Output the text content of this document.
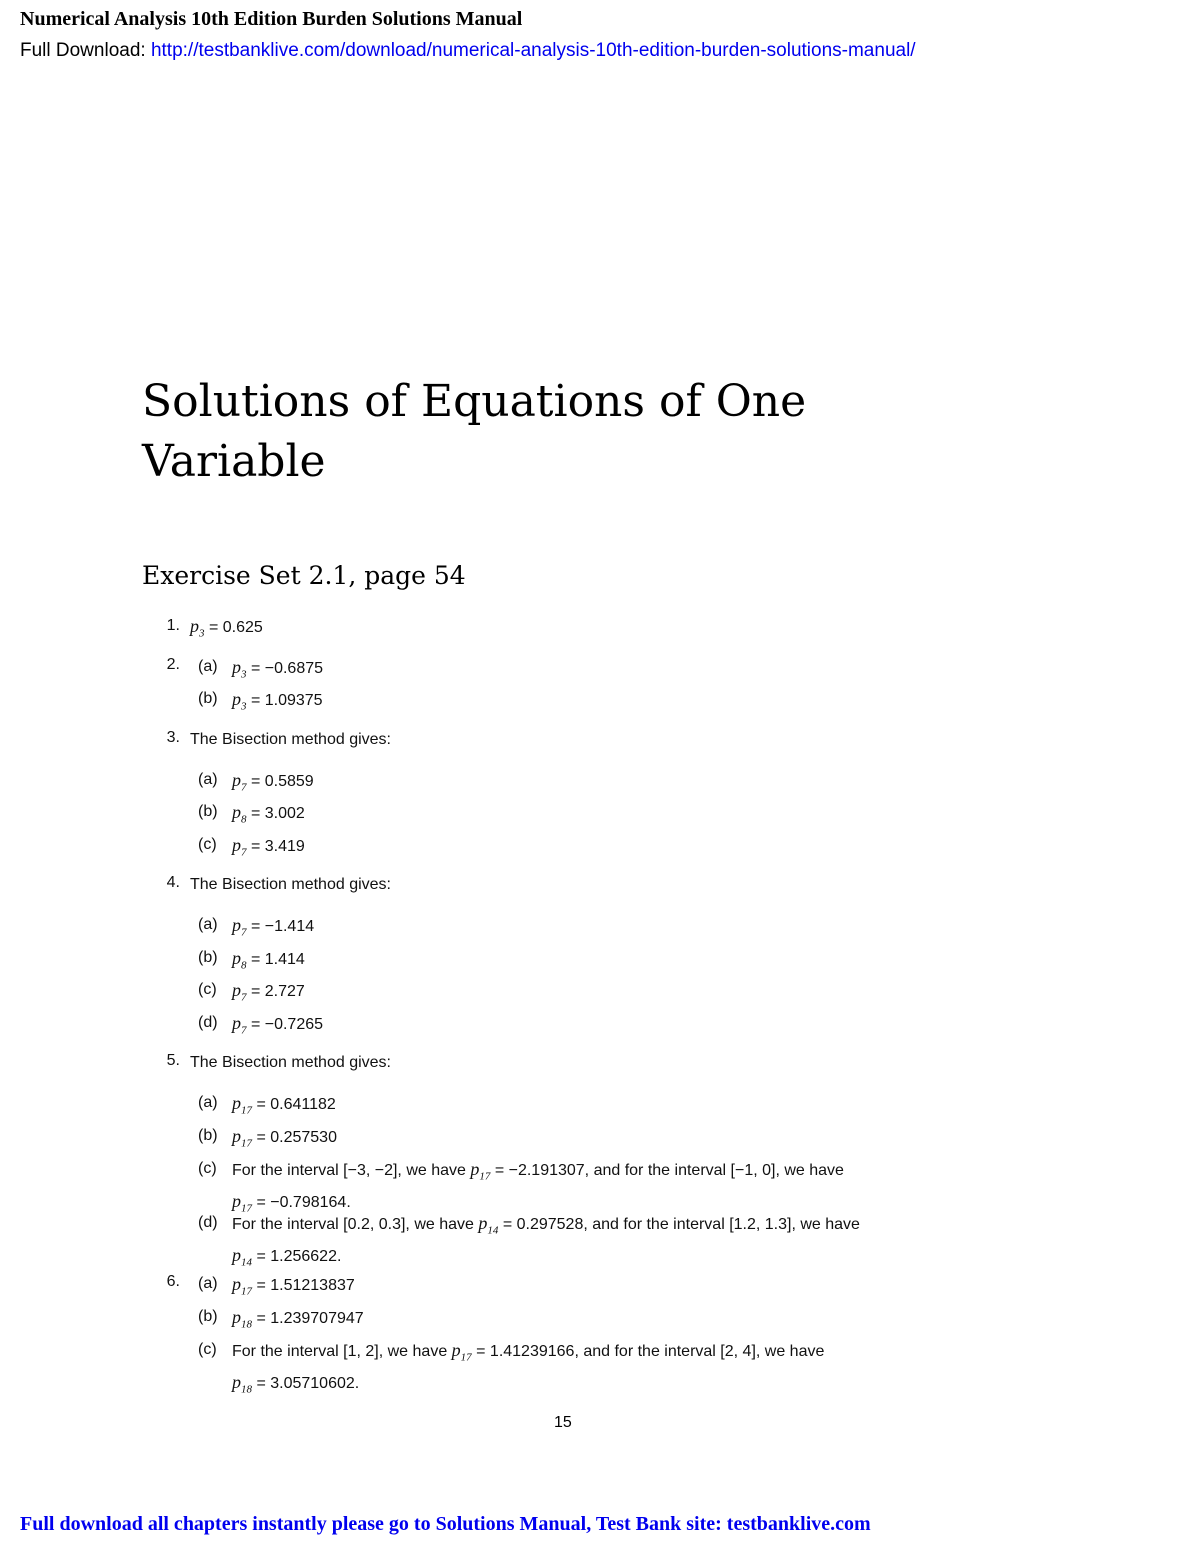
Numerical Analysis 10th Edition Burden Solutions Manual
Full Download: http://testbanklive.com/download/numerical-analysis-10th-edition-burden-solutions-manual/
Solutions of Equations of One
Variable
Exercise Set 2.1, page 54
1. $p_3 = 0.625$
2. (a) $p_3 = -0.6875$
(b) $p_3 = 1.09375$
3. The Bisection method gives:
(a) $p_7 = 0.5859$
(b) $p_8 = 3.002$
(c) $p_7 = 3.419$
4. The Bisection method gives:
(a) $p_7 = -1.414$
(b) $p_8 = 1.414$
(c) $p_7 = 2.727$
(d) $p_7 = -0.7265$
5. The Bisection method gives:
(a) $p_{17} = 0.641182$
(b) $p_{17} = 0.257530$
(c) For the interval [−3, −2], we have $p_{17} = -2.191307$, and for the interval [−1, 0], we have
$p_{17} = -0.798164$.
(d) For the interval [0.2, 0.3], we have $p_{14} = 0.297528$, and for the interval [1.2, 1.3], we have
$p_{14} = 1.256622$.
6. (a) $p_{17} = 1.51213837$
(b) $p_{18} = 1.239707947$
(c) For the interval [1, 2], we have $p_{17} = 1.41239166$, and for the interval [2, 4], we have
$p_{18} = 3.05710602$.
15
Full download all chapters instantly please go to Solutions Manual, Test Bank site: testbanklive.com
